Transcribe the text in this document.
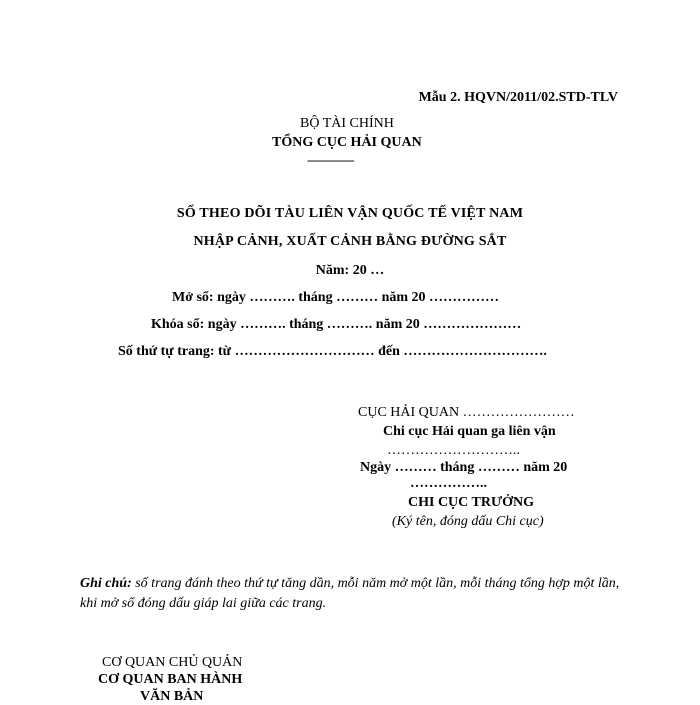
Mẫu 2. HQVN/2011/02.STD-TLV
BỘ TÀI CHÍNH
TỔNG CỤC HẢI QUAN
--------------
SỔ THEO DÕI TÀU LIÊN VẬN QUỐC TẾ VIỆT NAM
NHẬP CẢNH, XUẤT CẢNH BẰNG ĐƯỜNG SẮT
Năm: 20 …
Mở sổ: ngày ………. tháng ……… năm 20 ……………
Khóa sổ: ngày ………. tháng ………. năm 20 …………………
Số thứ tự trang: từ ………………………… đến ………………………….
CỤC HẢI QUAN ……………………
Chi cục Hải quan ga liên vận
………………………..
Ngày ……… tháng ……… năm 20
……………..
CHI CỤC TRƯỞNG
(Ký tên, đóng dấu Chi cục)
Ghi chú: số trang đánh theo thứ tự tăng dần, mỗi năm mở một lần, mỗi tháng tổng hợp một lần, khi mở sổ đóng dấu giáp lai giữa các trang.
CƠ QUAN CHỦ QUẢN
CƠ QUAN BAN HÀNH
VĂN BẢN
